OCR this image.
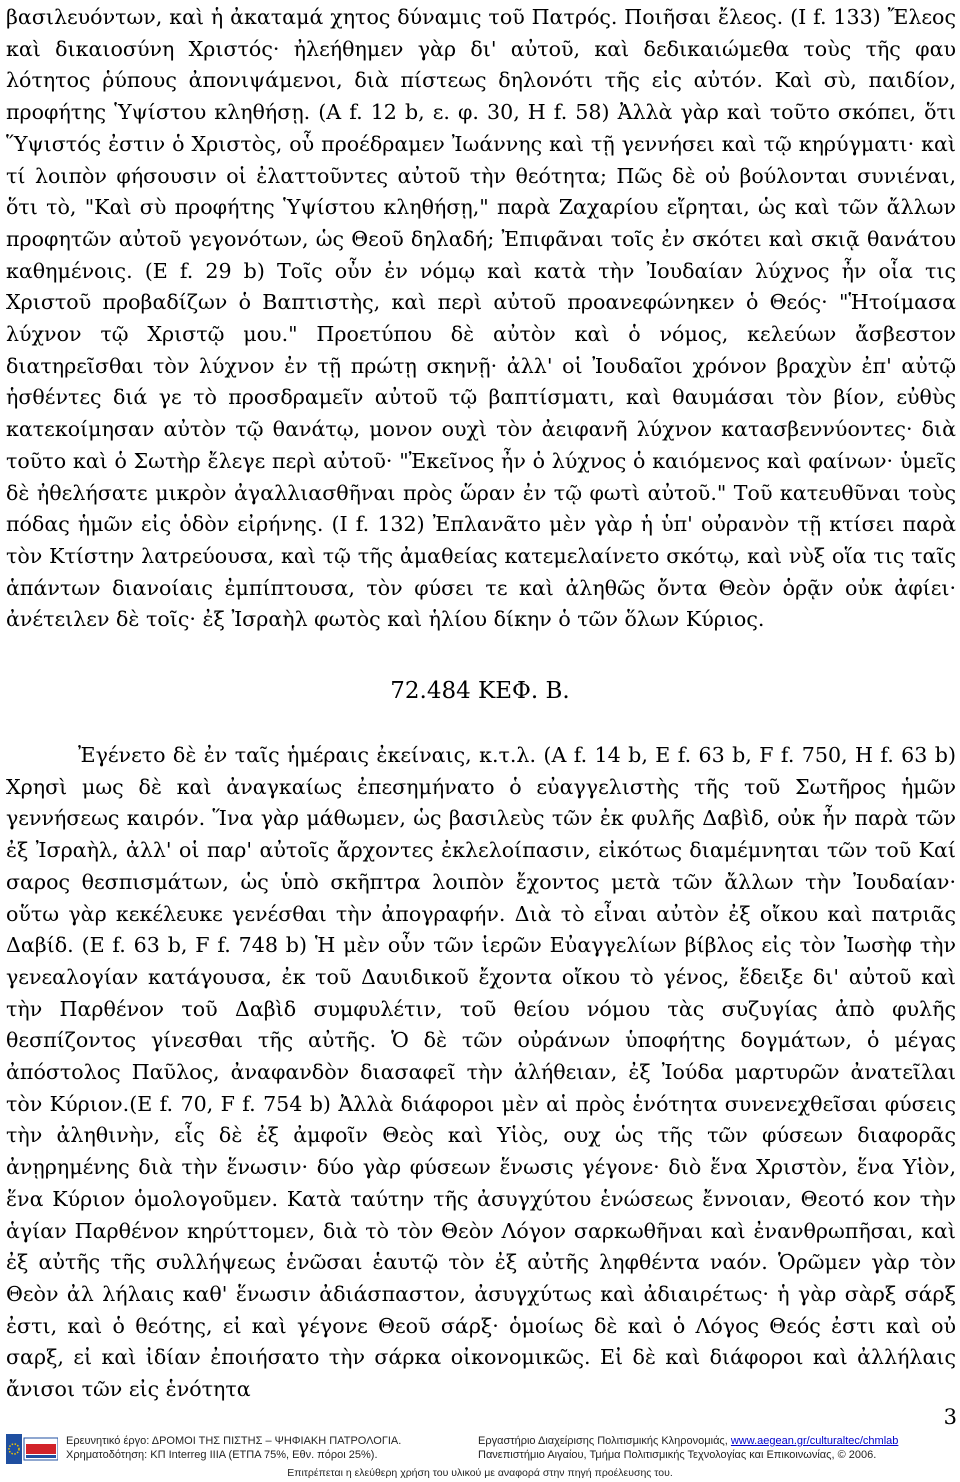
βασιλευόντων, καὶ ἡ ἀκαταμά χητος δύναμις τοῦ Πατρός. Ποιῆσαι ἔλεος. (I f. 133) Ἔλεος καὶ δικαιοσύνη Χριστός· ἠλεήθημεν γὰρ δι' αὐτοῦ, καὶ δεδικαιώμεθα τοὺς τῆς φαυ λότητος ῥύπους ἀπονιψάμενοι, διὰ πίστεως δηλονότι τῆς εἰς αὐτόν. Καὶ σὺ, παιδίον, προφήτης Ὑψίστου κληθήσῃ. (A f. 12 b, ε. φ. 30, H f. 58) Ἀλλὰ γὰρ καὶ τοῦτο σκόπει, ὅτι Ὕψιστός ἐστιν ὁ Χριστὸς, οὗ προέδραμεν Ἰωάννης καὶ τῇ γεννήσει καὶ τῷ κηρύγματι· καὶ τί λοιπὸν φήσουσιν οἱ ἐλαττοῦντες αὐτοῦ τὴν θεότητα; Πῶς δὲ οὐ βούλονται συνιέναι, ὅτι τὸ, "Καὶ σὺ προφήτης Ὑψίστου κληθήσῃ," παρὰ Ζαχαρίου εἴρηται, ὡς καὶ τῶν ἄλλων προφητῶν αὐτοῦ γεγονότων, ὡς Θεοῦ δηλαδή; Ἐπιφᾶναι τοῖς ἐν σκότει καὶ σκιᾷ θανάτου καθημένοις. (E f. 29 b) Τοῖς οὖν ἐν νόμῳ καὶ κατὰ τὴν Ἰουδαίαν λύχνος ἦν οἷα τις Χριστοῦ προβαδίζων ὁ Βαπτιστὴς, καὶ περὶ αὐτοῦ προανεφώνηκεν ὁ Θεός· "Ἡτοίμασα λύχνον τῷ Χριστῷ μου." Προετύπου δὲ αὐτὸν καὶ ὁ νόμος, κελεύων ἄσβεστον διατηρεῖσθαι τὸν λύχνον ἐν τῇ πρώτῃ σκηνῇ· ἀλλ' οἱ Ἰουδαῖοι χρόνον βραχὺν ἐπ' αὐτῷ ἡσθέντες διά γε τὸ προσδραμεῖν αὐτοῦ τῷ βαπτίσματι, καὶ θαυμάσαι τὸν βίον, εὐθὺς κατεκοίμησαν αὐτὸν τῷ θανάτῳ, μονον ουχὶ τὸν ἀειφανῆ λύχνον κατασβεννύοντες· διὰ τοῦτο καὶ ὁ Σωτὴρ ἔλεγε περὶ αὐτοῦ· "Ἐκεῖνος ἦν ὁ λύχνος ὁ καιόμενος καὶ φαίνων· ὑμεῖς δὲ ἠθελήσατε μικρὸν ἀγαλλιασθῆναι πρὸς ὥραν ἐν τῷ φωτὶ αὐτοῦ." Τοῦ κατευθῦναι τοὺς πόδας ἡμῶν εἰς ὁδὸν εἰρήνης. (I f. 132) Ἐπλανᾶτο μὲν γὰρ ἡ ὑπ' οὐρανὸν τῇ κτίσει παρὰ τὸν Κτίστην λατρεύουσα, καὶ τῷ τῆς ἀμαθείας κατεμελαίνετο σκότῳ, καὶ νὺξ οἵα τις ταῖς ἁπάντων διανοίαις ἐμπίπτουσα, τὸν φύσει τε καὶ ἀληθῶς ὄντα Θεὸν ὁρᾷν οὐκ ἀφίει· ἀνέτειλεν δὲ τοῖς· ἐξ Ἰσραὴλ φωτὸς καὶ ἡλίου δίκην ὁ τῶν ὅλων Κύριος.

72.484 ΚΕΦ. Β.

Ἐγένετο δὲ ἐν ταῖς ἡμέραις ἐκείναις, κ.τ.λ. (A f. 14 b, E f. 63 b, F f. 750, H f. 63 b) Χρησὶ μως δὲ καὶ ἀναγκαίως ἐπεσημήνατο ὁ εὐαγγελιστὴς τῆς τοῦ Σωτῆρος ἡμῶν γεννήσεως καιρόν. Ἵνα γὰρ μάθωμεν, ὡς βασιλεὺς τῶν ἐκ φυλῆς Δαβὶδ, οὐκ ἦν παρὰ τῶν ἐξ Ἰσραὴλ, ἀλλ' οἱ παρ' αὐτοῖς ἄρχοντες ἐκλελοίπασιν, εἰκότως διαμέμνηται τῶν τοῦ Καί σαρος θεσπισμάτων, ὡς ὑπὸ σκῆπτρα λοιπὸν ἔχοντος μετὰ τῶν ἄλλων τὴν Ἰουδαίαν· οὕτω γὰρ κεκέλευκε γενέσθαι τὴν ἀπογραφήν. Διὰ τὸ εἶναι αὐτὸν ἐξ οἴκου καὶ πατριᾶς Δαβίδ. (E f. 63 b, F f. 748 b) Ἡ μὲν οὖν τῶν ἱερῶν Εὐαγγελίων βίβλος εἰς τὸν Ἰωσὴφ τὴν γενεαλογίαν κατάγουσα, ἐκ τοῦ Δαυιδικοῦ ἔχοντα οἴκου τὸ γένος, ἔδειξε δι' αὐτοῦ καὶ τὴν Παρθένον τοῦ Δαβὶδ συμφυλέτιν, τοῦ θείου νόμου τὰς συζυγίας ἀπὸ φυλῆς θεσπίζοντος γίνεσθαι τῆς αὐτῆς. Ὁ δὲ τῶν οὐράνων ὑποφήτης δογμάτων, ὁ μέγας ἀπόστολος Παῦλος, ἀναφανδὸν διασαφεῖ τὴν ἀλήθειαν, ἐξ Ἰούδα μαρτυρῶν ἀνατεῖλαι τὸν Κύριον.(E f. 70, F f. 754 b) Ἀλλὰ διάφοροι μὲν αἱ πρὸς ἑνότητα συνενεχθεῖσαι φύσεις τὴν ἀληθινὴν, εἷς δὲ ἐξ ἀμφοῖν Θεὸς καὶ Υἱὸς, ουχ ὡς τῆς τῶν φύσεων διαφορᾶς ἀνῃρημένης διὰ τὴν ἕνωσιν· δύο γὰρ φύσεων ἕνωσις γέγονε· διὸ ἕνα Χριστὸν, ἕνα Υἱὸν, ἕνα Κύριον ὁμολογοῦμεν. Κατὰ ταύτην τῆς ἀσυγχύτου ἑνώσεως ἔννοιαν, Θεοτό κον τὴν ἁγίαν Παρθένον κηρύττομεν, διὰ τὸ τὸν Θεὸν Λόγον σαρκωθῆναι καὶ ἐνανθρωπῆσαι, καὶ ἐξ αὐτῆς τῆς συλλήψεως ἑνῶσαι ἑαυτῷ τὸν ἐξ αὐτῆς ληφθέντα ναόν. Ὁρῶμεν γὰρ τὸν Θεὸν ἀλ λήλαις καθ' ἕνωσιν ἀδιάσπαστον, ἀσυγχύτως καὶ ἀδιαιρέτως· ἡ γὰρ σὰρξ σάρξ ἐστι, καὶ ὁ θεότης, εἰ καὶ γέγονε Θεοῦ σάρξ· ὁμοίως δὲ καὶ ὁ Λόγος Θεός ἐστι καὶ οὐ σαρξ, εἰ καὶ ἰδίαν ἐποιήσατο τὴν σάρκα οἰκονομικῶς. Εἰ δὲ καὶ διάφοροι καὶ ἀλλήλαις ἄνισοι τῶν εἰς ἑνότητα

3
Ερευνητικό έργο: ΔΡΟΜΟΙ ΤΗΣ ΠΙΣΤΗΣ – ΨΗΦΙΑΚΗ ΠΑΤΡΟΛΟΓΙΑ.
Χρηματοδότηση: ΚΠ Interreg IIIA (ΕΤΠΑ 75%, Εθν. πόροι 25%).
Εργαστήριο Διαχείρισης Πολιτισμικής Κληρονομιάς, www.aegean.gr/culturaltec/chmlab
Πανεπιστήμιο Αιγαίου, Τμήμα Πολιτισμικής Τεχνολογίας και Επικοινωνίας, © 2006.
Επιτρέπεται η ελεύθερη χρήση του υλικού με αναφορά στην πηγή προέλευσης του.
